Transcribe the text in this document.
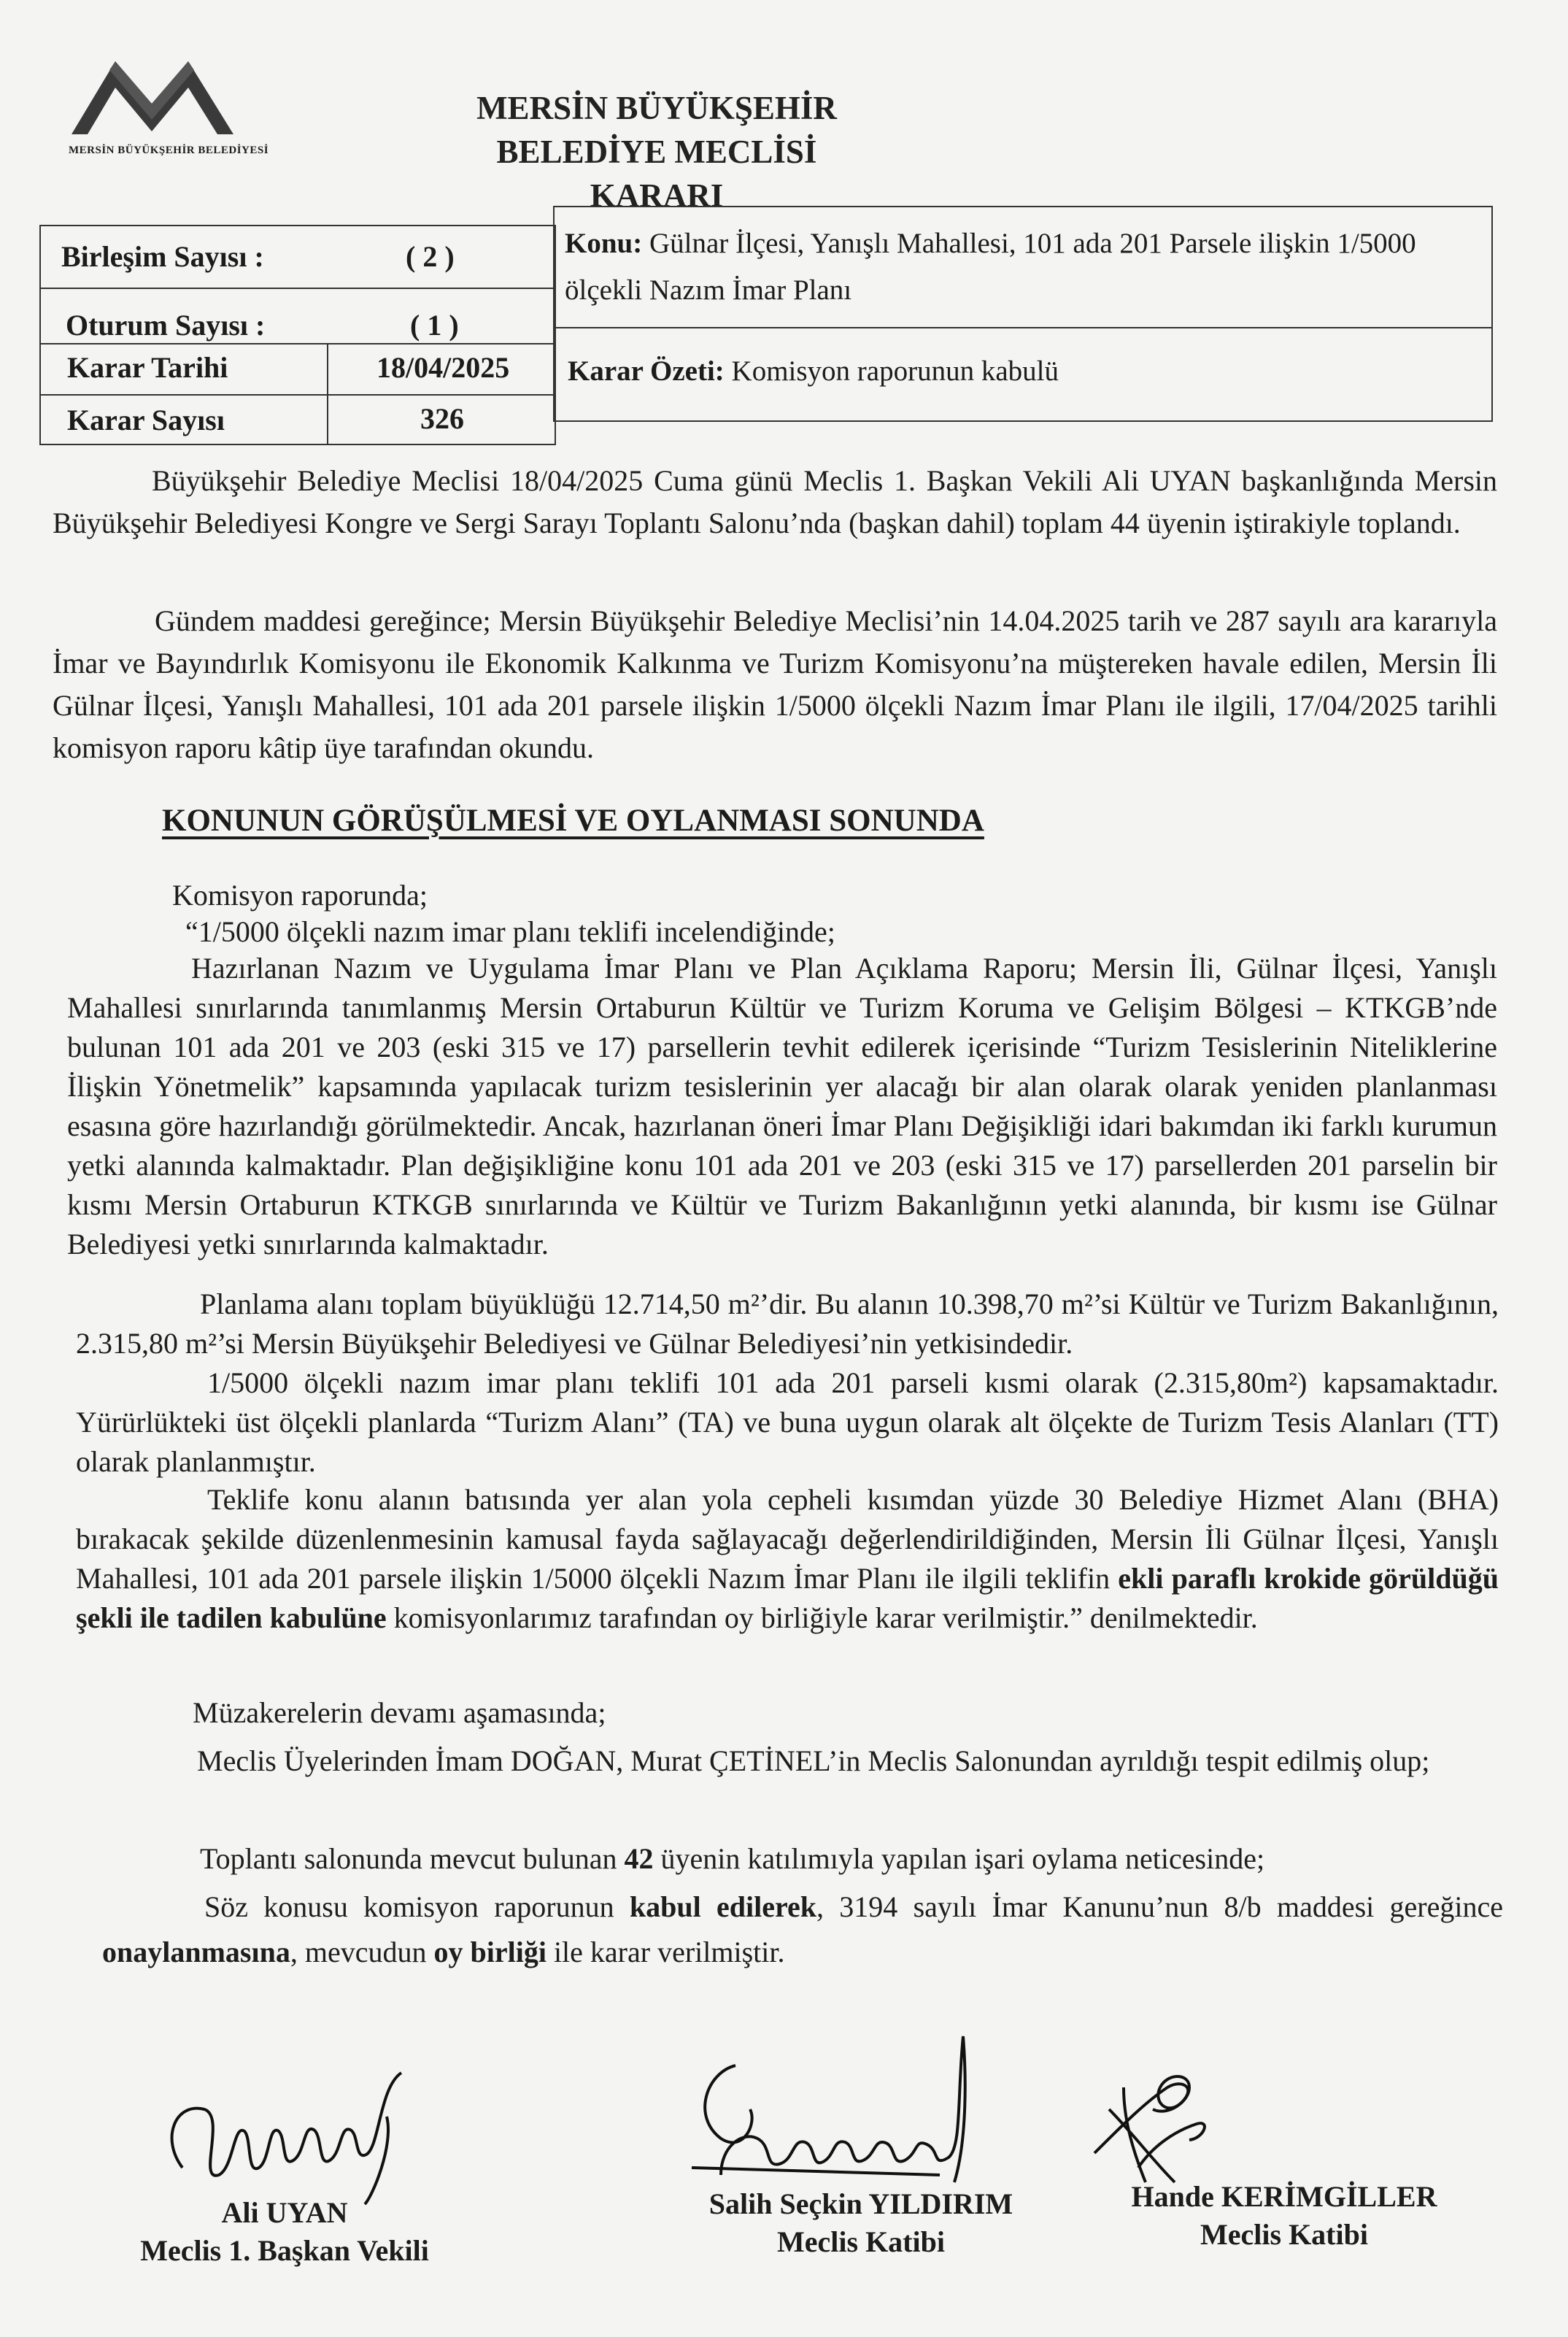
MERSİN BÜYÜKŞEHİR BELEDİYESİ
MERSİN BÜYÜKŞEHİR
BELEDİYE MECLİSİ KARARI
Birleşim Sayısı :	( 2 )
Oturum Sayısı :	( 1 )
Karar Tarihi	18/04/2025
Karar Sayısı	326
Konu: Gülnar İlçesi, Yanışlı Mahallesi, 101 ada 201 Parsele ilişkin 1/5000 ölçekli Nazım İmar Planı
Karar Özeti: Komisyon raporunun kabulü
Büyükşehir Belediye Meclisi 18/04/2025 Cuma günü Meclis 1. Başkan Vekili Ali UYAN başkanlığında Mersin Büyükşehir Belediyesi Kongre ve Sergi Sarayı Toplantı Salonu’nda (başkan dahil) toplam 44 üyenin iştirakiyle toplandı.
Gündem maddesi gereğince; Mersin Büyükşehir Belediye Meclisi’nin 14.04.2025 tarih ve 287 sayılı ara kararıyla İmar ve Bayındırlık Komisyonu ile Ekonomik Kalkınma ve Turizm Komisyonu’na müştereken havale edilen, Mersin İli Gülnar İlçesi, Yanışlı Mahallesi, 101 ada 201 parsele ilişkin 1/5000 ölçekli Nazım İmar Planı ile ilgili, 17/04/2025 tarihli komisyon raporu kâtip üye tarafından okundu.
KONUNUN GÖRÜŞÜLMESİ VE OYLANMASI SONUNDA
Komisyon raporunda;
“1/5000 ölçekli nazım imar planı teklifi incelendiğinde;
Hazırlanan Nazım ve Uygulama İmar Planı ve Plan Açıklama Raporu; Mersin İli, Gülnar İlçesi, Yanışlı Mahallesi sınırlarında tanımlanmış Mersin Ortaburun Kültür ve Turizm Koruma ve Gelişim Bölgesi – KTKGB’nde bulunan 101 ada 201 ve 203 (eski 315 ve 17) parsellerin tevhit edilerek içerisinde “Turizm Tesislerinin Niteliklerine İlişkin Yönetmelik” kapsamında yapılacak turizm tesislerinin yer alacağı bir alan olarak olarak yeniden planlanması esasına göre hazırlandığı görülmektedir. Ancak, hazırlanan öneri İmar Planı Değişikliği idari bakımdan iki farklı kurumun yetki alanında kalmaktadır. Plan değişikliğine konu 101 ada 201 ve 203 (eski 315 ve 17) parsellerden 201 parselin bir kısmı Mersin Ortaburun KTKGB sınırlarında ve Kültür ve Turizm Bakanlığının yetki alanında, bir kısmı ise Gülnar Belediyesi yetki sınırlarında kalmaktadır.
Planlama alanı toplam büyüklüğü 12.714,50 m²’dir. Bu alanın 10.398,70 m²’si Kültür ve Turizm Bakanlığının, 2.315,80 m²’si Mersin Büyükşehir Belediyesi ve Gülnar Belediyesi’nin yetkisindedir.
1/5000 ölçekli nazım imar planı teklifi 101 ada 201 parseli kısmi olarak (2.315,80m²) kapsamaktadır. Yürürlükteki üst ölçekli planlarda “Turizm Alanı” (TA) ve buna uygun olarak alt ölçekte de Turizm Tesis Alanları (TT) olarak planlanmıştır.
Teklife konu alanın batısında yer alan yola cepheli kısımdan yüzde 30 Belediye Hizmet Alanı (BHA) bırakacak şekilde düzenlenmesinin kamusal fayda sağlayacağı değerlendirildiğinden, Mersin İli Gülnar İlçesi, Yanışlı Mahallesi, 101 ada 201 parsele ilişkin 1/5000 ölçekli Nazım İmar Planı ile ilgili teklifin ekli paraflı krokide görüldüğü şekli ile tadilen kabulüne komisyonlarımız tarafından oy birliğiyle karar verilmiştir.” denilmektedir.
Müzakerelerin devamı aşamasında;
Meclis Üyelerinden İmam DOĞAN, Murat ÇETİNEL’in Meclis Salonundan ayrıldığı tespit edilmiş olup;
Toplantı salonunda mevcut bulunan 42 üyenin katılımıyla yapılan işari oylama neticesinde;
Söz konusu komisyon raporunun kabul edilerek, 3194 sayılı İmar Kanunu’nun 8/b maddesi gereğince onaylanmasına, mevcudun oy birliği ile karar verilmiştir.
Ali UYAN
Meclis 1. Başkan Vekili
Salih Seçkin YILDIRIM
Meclis Katibi
Hande KERİMGİLLER
Meclis Katibi
